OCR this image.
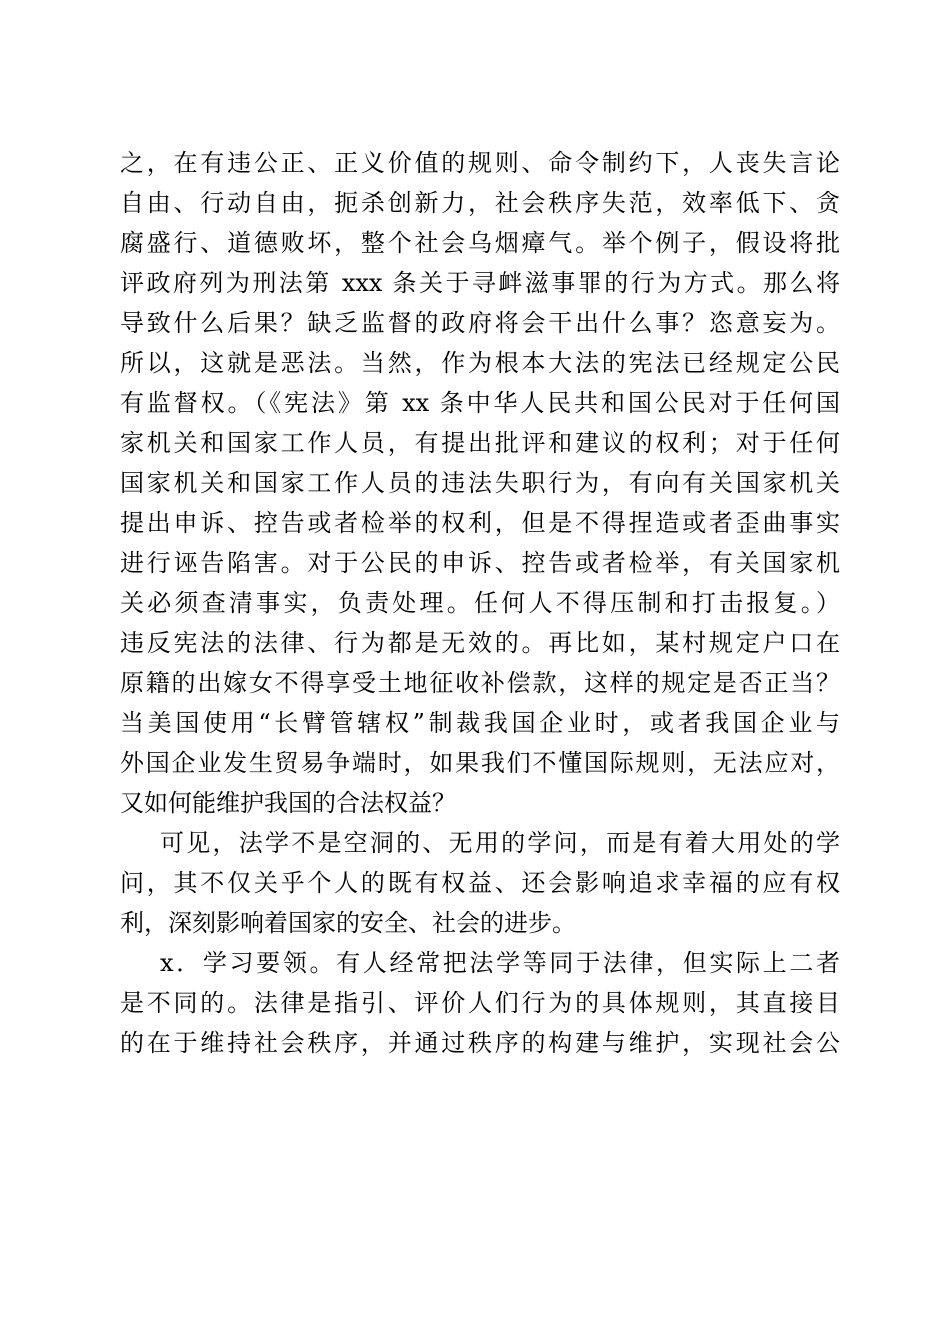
之，在有违公正、正义价值的规则、命令制约下，人丧失言论
自由、行动自由，扼杀创新力，社会秩序失范，效率低下、贪
腐盛行、道德败坏，整个社会乌烟瘴气。举个例子，假设将批
评政府列为刑法第 xxx 条关于寻衅滋事罪的行为方式。那么将
导致什么后果？缺乏监督的政府将会干出什么事？恣意妄为。
所以，这就是恶法。当然，作为根本大法的宪法已经规定公民
有监督权。（《宪法》第 xx 条中华人民共和国公民对于任何国
家机关和国家工作人员，有提出批评和建议的权利；对于任何
国家机关和国家工作人员的违法失职行为，有向有关国家机关
提出申诉、控告或者检举的权利，但是不得捏造或者歪曲事实
进行诬告陷害。对于公民的申诉、控告或者检举，有关国家机
关必须查清事实，负责处理。任何人不得压制和打击报复。）
违反宪法的法律、行为都是无效的。再比如，某村规定户口在
原籍的出嫁女不得享受土地征收补偿款，这样的规定是否正当？
当美国使用“长臂管辖权”制裁我国企业时，或者我国企业与
外国企业发生贸易争端时，如果我们不懂国际规则，无法应对，
又如何能维护我国的合法权益？
可见，法学不是空洞的、无用的学问，而是有着大用处的学
问，其不仅关乎个人的既有权益、还会影响追求幸福的应有权
利，深刻影响着国家的安全、社会的进步。
x．学习要领。有人经常把法学等同于法律，但实际上二者
是不同的。法律是指引、评价人们行为的具体规则，其直接目
的在于维持社会秩序，并通过秩序的构建与维护，实现社会公
